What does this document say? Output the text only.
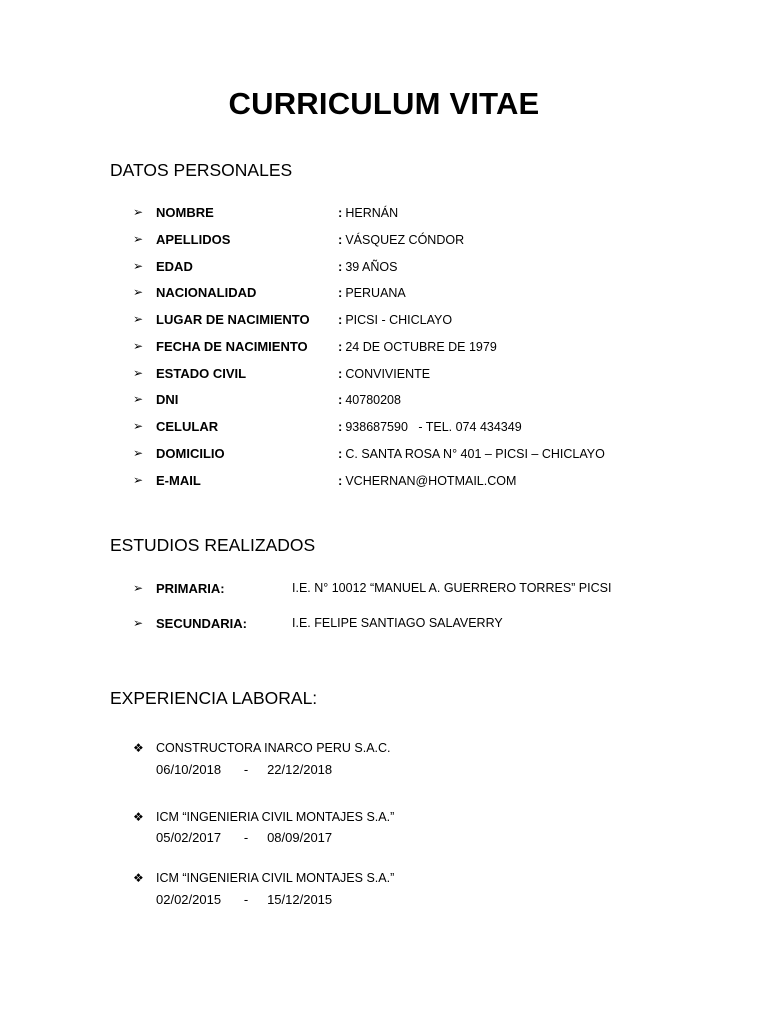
CURRICULUM VITAE
DATOS PERSONALES
➢ NOMBRE	: HERNÁN
➢ APELLIDOS	: VÁSQUEZ CÓNDOR
➢ EDAD	: 39 AÑOS
➢ NACIONALIDAD	: PERUANA
➢ LUGAR DE NACIMIENTO : PICSI - CHICLAYO
➢ FECHA DE NACIMIENTO : 24 DE OCTUBRE DE 1979
➢ ESTADO CIVIL	: CONVIVIENTE
➢ DNI	: 40780208
➢ CELULAR	: 938687590   - TEL. 074 434349
➢ DOMICILIO	: C. SANTA ROSA N° 401 – PICSI – CHICLAYO
➢ E-MAIL	: VCHERNAN@HOTMAIL.COM
ESTUDIOS REALIZADOS
➢ PRIMARIA:	I.E. N° 10012 “MANUEL A. GUERRERO TORRES” PICSI
➢ SECUNDARIA:	I.E. FELIPE SANTIAGO SALAVERRY
EXPERIENCIA LABORAL:
❖ CONSTRUCTORA INARCO PERU S.A.C.
06/10/2018 - 22/12/2018
❖ ICM “INGENIERIA CIVIL MONTAJES S.A.”
05/02/2017 - 08/09/2017
❖ ICM “INGENIERIA CIVIL MONTAJES S.A.”
02/02/2015 - 15/12/2015
